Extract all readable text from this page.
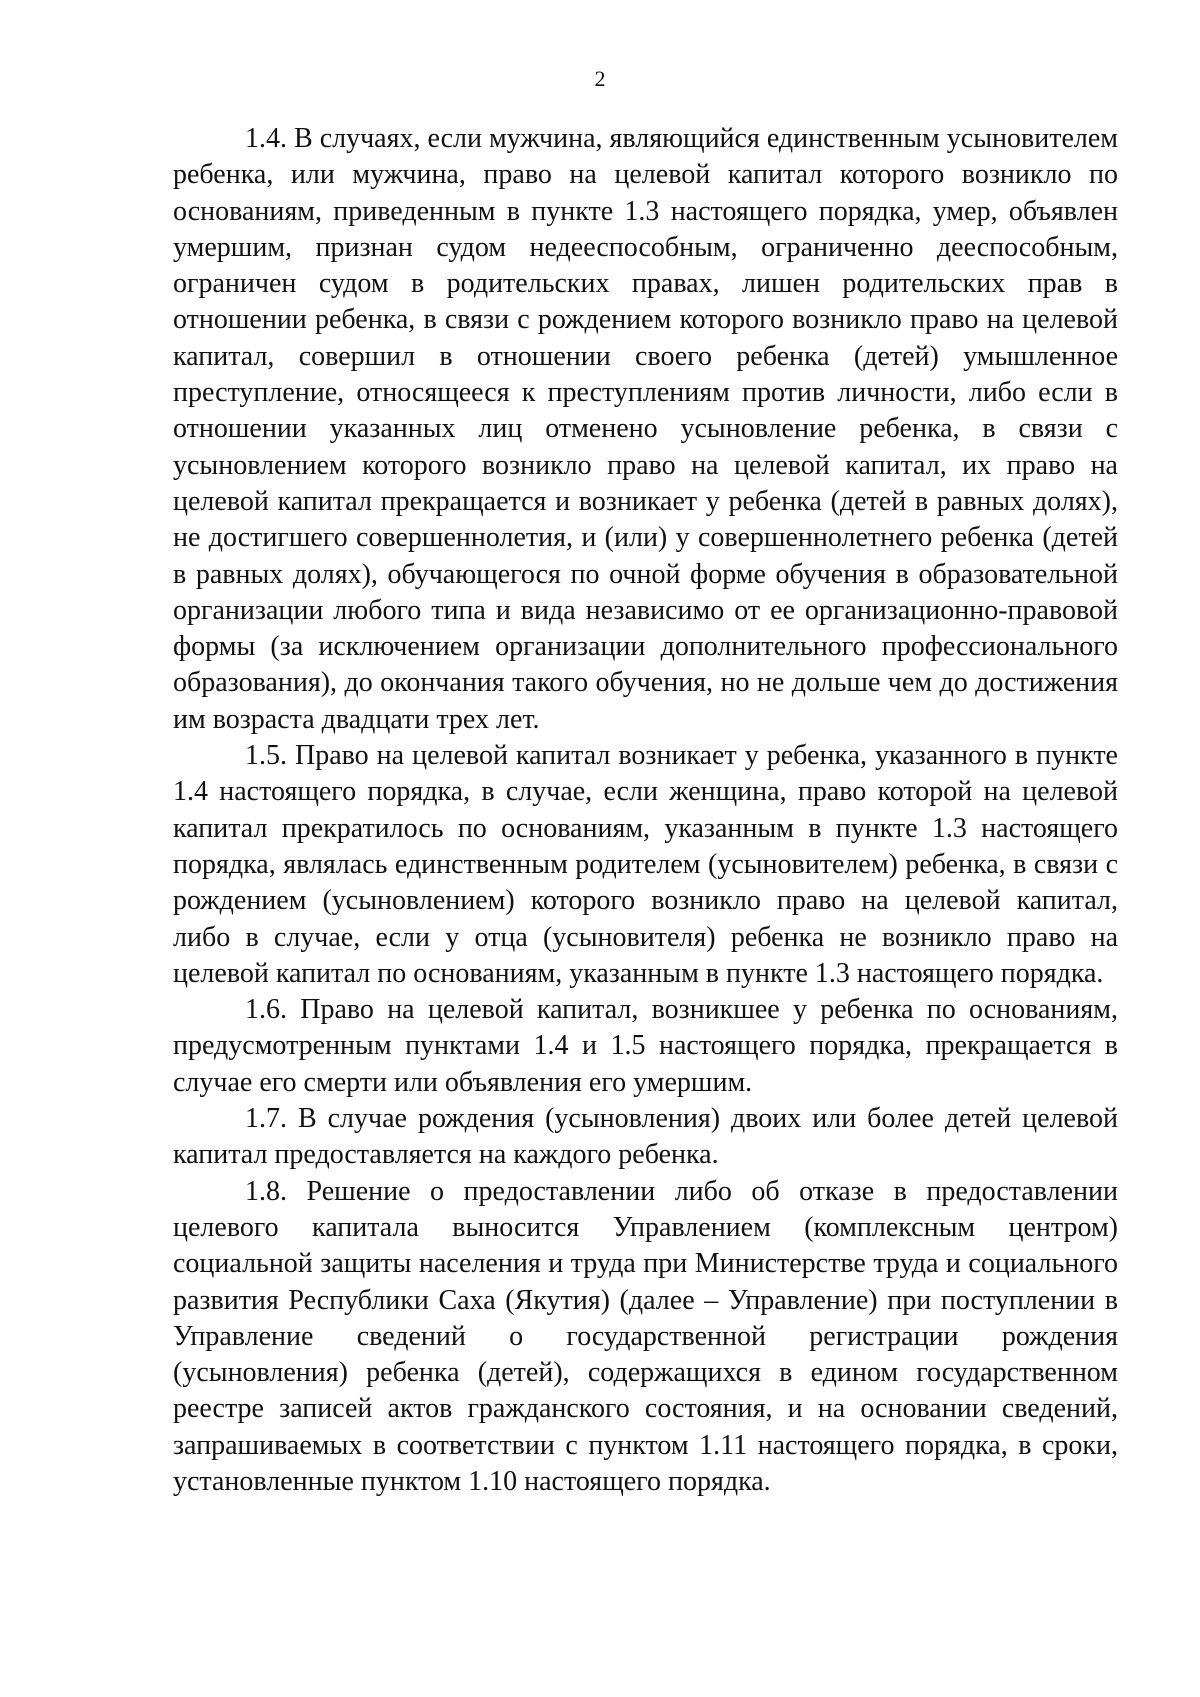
2

1.4. В случаях, если мужчина, являющийся единственным усыновителем ребенка, или мужчина, право на целевой капитал которого возникло по основаниям, приведенным в пункте 1.3 настоящего порядка, умер, объявлен умершим, признан судом недееспособным, ограниченно дееспособным, ограничен судом в родительских правах, лишен родительских прав в отношении ребенка, в связи с рождением которого возникло право на целевой капитал, совершил в отношении своего ребенка (детей) умышленное преступление, относящееся к преступлениям против личности, либо если в отношении указанных лиц отменено усыновление ребенка, в связи с усыновлением которого возникло право на целевой капитал, их право на целевой капитал прекращается и возникает у ребенка (детей в равных долях), не достигшего совершеннолетия, и (или) у совершеннолетнего ребенка (детей в равных долях), обучающегося по очной форме обучения в образовательной организации любого типа и вида независимо от ее организационно-правовой формы (за исключением организации дополнительного профессионального образования), до окончания такого обучения, но не дольше чем до достижения им возраста двадцати трех лет.

1.5. Право на целевой капитал возникает у ребенка, указанного в пункте 1.4 настоящего порядка, в случае, если женщина, право которой на целевой капитал прекратилось по основаниям, указанным в пункте 1.3 настоящего порядка, являлась единственным родителем (усыновителем) ребенка, в связи с рождением (усыновлением) которого возникло право на целевой капитал, либо в случае, если у отца (усыновителя) ребенка не возникло право на целевой капитал по основаниям, указанным в пункте 1.3 настоящего порядка.

1.6. Право на целевой капитал, возникшее у ребенка по основаниям, предусмотренным пунктами 1.4 и 1.5 настоящего порядка, прекращается в случае его смерти или объявления его умершим.

1.7. В случае рождения (усыновления) двоих или более детей целевой капитал предоставляется на каждого ребенка.

1.8. Решение о предоставлении либо об отказе в предоставлении целевого капитала выносится Управлением (комплексным центром) социальной защиты населения и труда при Министерстве труда и социального развития Республики Саха (Якутия) (далее – Управление) при поступлении в Управление сведений о государственной регистрации рождения (усыновления) ребенка (детей), содержащихся в едином государственном реестре записей актов гражданского состояния, и на основании сведений, запрашиваемых в соответствии с пунктом 1.11 настоящего порядка, в сроки, установленные пунктом 1.10 настоящего порядка.
